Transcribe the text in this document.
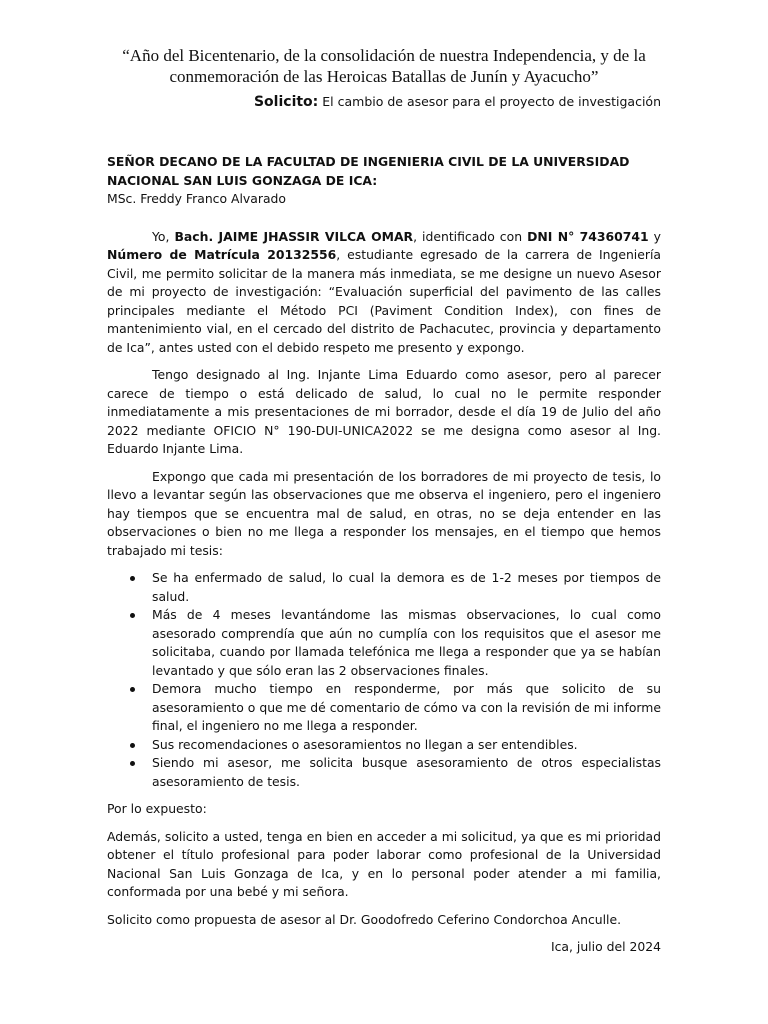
“Año del Bicentenario, de la consolidación de nuestra Independencia, y de la
conmemoración de las Heroicas Batallas de Junín y Ayacucho”
Solicito: El cambio de asesor para el proyecto de investigación

SEÑOR DECANO DE LA FACULTAD DE INGENIERIA CIVIL DE LA UNIVERSIDAD NACIONAL SAN LUIS GONZAGA DE ICA:

MSc. Freddy Franco Alvarado

Yo, Bach. JAIME JHASSIR VILCA OMAR, identificado con DNI N° 74360741 y Número de Matrícula 20132556, estudiante egresado de la carrera de Ingeniería Civil, me permito solicitar de la manera más inmediata, se me designe un nuevo Asesor de mi proyecto de investigación: “Evaluación superficial del pavimento de las calles principales mediante el Método PCI (Paviment Condition Index), con fines de mantenimiento vial, en el cercado del distrito de Pachacutec, provincia y departamento de Ica”, antes usted con el debido respeto me presento y expongo.

Tengo designado al Ing. Injante Lima Eduardo como asesor, pero al parecer carece de tiempo o está delicado de salud, lo cual no le permite responder inmediatamente a mis presentaciones de mi borrador, desde el día 19 de Julio del año 2022 mediante OFICIO N° 190-DUI-UNICA2022 se me designa como asesor al Ing. Eduardo Injante Lima.

Expongo que cada mi presentación de los borradores de mi proyecto de tesis, lo llevo a levantar según las observaciones que me observa el ingeniero, pero el ingeniero hay tiempos que se encuentra mal de salud, en otras, no se deja entender en las observaciones o bien no me llega a responder los mensajes, en el tiempo que hemos trabajado mi tesis:

Se ha enfermado de salud, lo cual la demora es de 1-2 meses por tiempos de salud.
Más de 4 meses levantándome las mismas observaciones, lo cual como asesorado comprendía que aún no cumplía con los requisitos que el asesor me solicitaba, cuando por llamada telefónica me llega a responder que ya se habían levantado y que sólo eran las 2 observaciones finales.
Demora mucho tiempo en responderme, por más que solicito de su asesoramiento o que me dé comentario de cómo va con la revisión de mi informe final, el ingeniero no me llega a responder.
Sus recomendaciones o asesoramientos no llegan a ser entendibles.
Siendo mi asesor, me solicita busque asesoramiento de otros especialistas asesoramiento de tesis.

Por lo expuesto:

Además, solicito a usted, tenga en bien en acceder a mi solicitud, ya que es mi prioridad obtener el título profesional para poder laborar como profesional de la Universidad Nacional San Luis Gonzaga de Ica, y en lo personal poder atender a mi familia, conformada por una bebé y mi señora.

Solicito como propuesta de asesor al Dr. Goodofredo Ceferino Condorchoa Anculle.

Ica, julio del 2024
